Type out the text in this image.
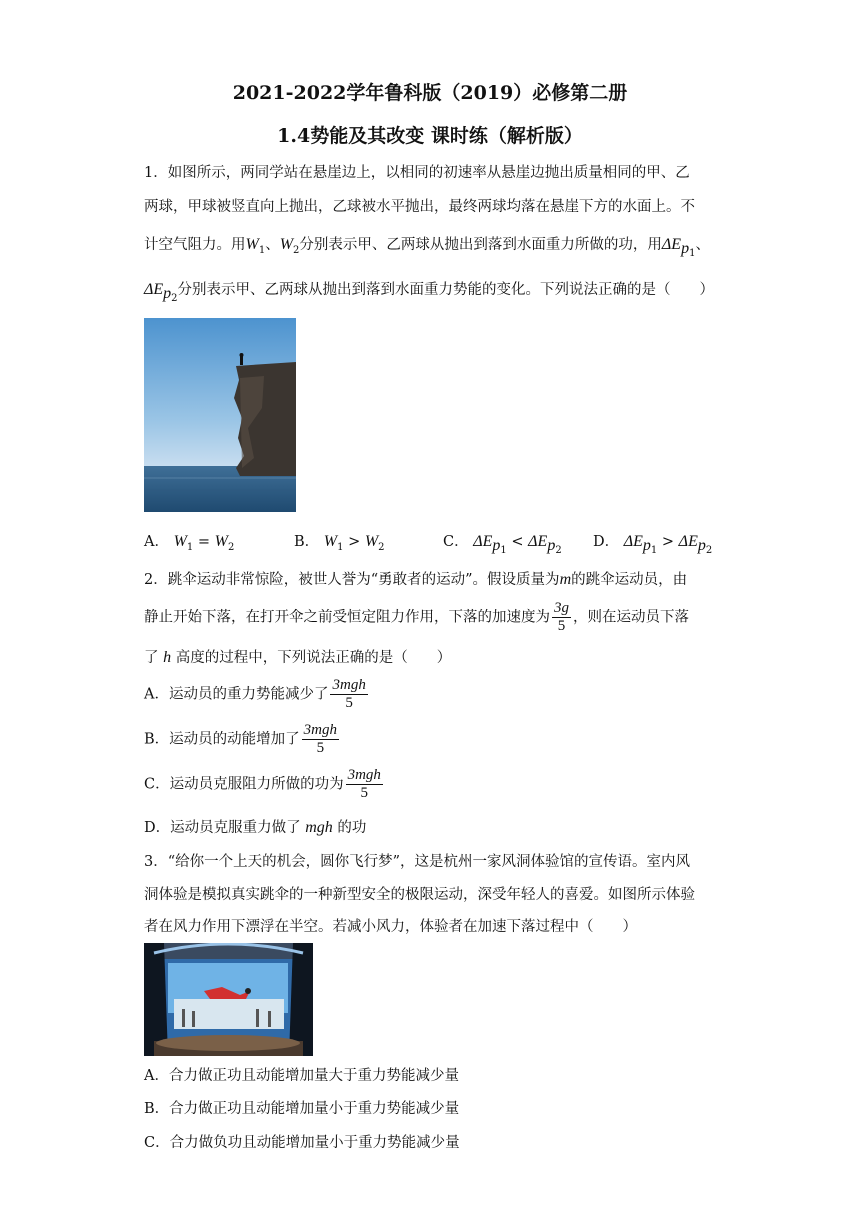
2021-2022学年鲁科版（2019）必修第二册
1.4势能及其改变 课时练（解析版）
1．如图所示，两同学站在悬崖边上，以相同的初速率从悬崖边抛出质量相同的甲、乙
两球，甲球被竖直向上抛出，乙球被水平抛出，最终两球均落在悬崖下方的水面上。不
计空气阻力。用$W_1$、$W_2$分别表示甲、乙两球从抛出到落到水面重力所做的功，用$\Delta E_{p_1}$、
$\Delta E_{p_2}$分别表示甲、乙两球从抛出到落到水面重力势能的变化。下列说法正确的是（　　）
A． $W_1 = W_2$	B． $W_1 > W_2$	C． $\Delta E_{p_1} < \Delta E_{p_2}$
D． $\Delta E_{p_1} > \Delta E_{p_2}$
2．跳伞运动非常惊险，被世人誉为“勇敢者的运动”。假设质量为m的跳伞运动员，由
静止开始下落，在打开伞之前受恒定阻力作用，下落的加速度为 $\frac{3g}{5}$ ，则在运动员下落
了 h 高度的过程中，下列说法正确的是（　　）
A．运动员的重力势能减少了 $\frac{\text{3mgh}}{5}$
B．运动员的动能增加了 $\frac{\text{3mgh}}{5}$
C．运动员克服阻力所做的功为 $\frac{\text{3mgh}}{5}$
D．运动员克服重力做了 mgh 的功
3．“给你一个上天的机会，圆你飞行梦”，这是杭州一家风洞体验馆的宣传语。室内风
洞体验是模拟真实跳伞的一种新型安全的极限运动，深受年轻人的喜爱。如图所示体验
者在风力作用下漂浮在半空。若减小风力，体验者在加速下落过程中（　　）
A．合力做正功且动能增加量大于重力势能减少量
B．合力做正功且动能增加量小于重力势能减少量
C．合力做负功且动能增加量小于重力势能减少量
